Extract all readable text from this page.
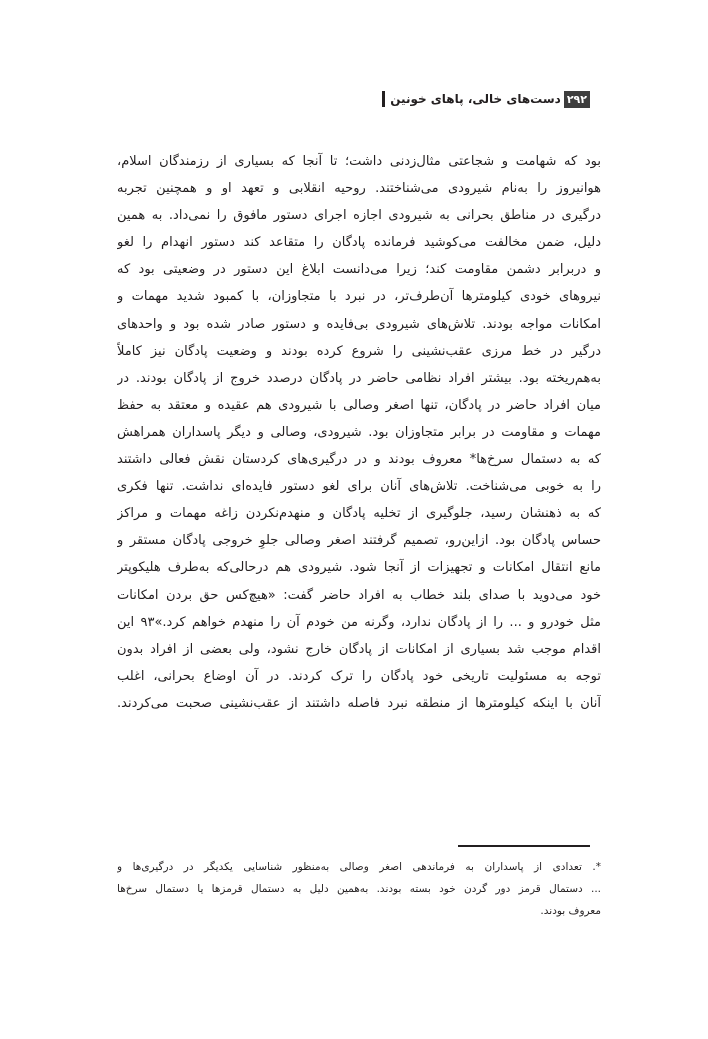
۲۹۲
دست‌های خالی، پاهای خونین
بود که شهامت و شجاعتی مثال‌زدنی داشت؛ تا آنجا که بسیاری از رزمندگان اسلام،
هوانیروز را به‌نام شیرودی می‌شناختند. روحیه انقلابی و تعهد او و همچنین تجربه
درگیری در مناطق بحرانی به شیرودی اجازه اجرای دستور مافوق را نمی‌داد. به همین
دلیل، ضمن مخالفت می‌کوشید فرمانده پادگان را متقاعد کند دستور انهدام را لغو
و دربرابر دشمن مقاومت کند؛ زیرا می‌دانست ابلاغ این دستور در وضعیتی بود که
نیروهای خودی کیلومترها آن‌طرف‌تر، در نبرد با متجاوزان، با کمبود شدید مهمات و
امکانات مواجه بودند. تلاش‌های شیرودی بی‌فایده و دستور صادر شده بود و واحدهای
درگیر در خط مرزی عقب‌نشینی را شروع کرده بودند و وضعیت پادگان نیز کاملاً
به‌هم‌ریخته بود. بیشتر افراد نظامی حاضر در پادگان درصدد خروج از پادگان بودند. در
میان افراد حاضر در پادگان، تنها اصغر وصالی با شیرودی هم عقیده و معتقد به حفظ
مهمات و مقاومت در برابر متجاوزان بود. شیرودی، وصالی و دیگر پاسداران همراهش
که به دستمال سرخ‌ها* معروف بودند و در درگیری‌های کردستان نقش فعالی داشتند
را به خوبی می‌شناخت. تلاش‌های آنان برای لغو دستور فایده‌ای نداشت. تنها فکری
که به ذهنشان رسید، جلوگیری از تخلیه پادگان و منهدم‌نکردن زاغه مهمات و مراکز
حساس پادگان بود. ازاین‌رو، تصمیم گرفتند اصغر وصالی جلوِ خروجی پادگان مستقر و
مانع انتقال امکانات و تجهیزات از آنجا شود. شیرودی هم درحالی‌که به‌طرف هلیکوپتر
خود می‌دوید با صدای بلند خطاب به افراد حاضر گفت: «هیچ‌کس حق بردن امکانات
مثل خودرو و ... را از پادگان ندارد، وگرنه من خودم آن را منهدم خواهم کرد.»۹۳ این
اقدام موجب شد بسیاری از امکانات از پادگان خارج نشود، ولی بعضی از افراد بدون
توجه به مسئولیت تاریخی خود پادگان را ترک کردند. در آن اوضاع بحرانی، اغلب
آنان با اینکه کیلومترها از منطقه نبرد فاصله داشتند از عقب‌نشینی صحبت می‌کردند.
*. تعدادی از پاسداران به فرماندهی اصغر وصالی به‌منظور شناسایی یکدیگر در درگیری‌ها و
... دستمال قرمز دور گردن خود بسته بودند. به‌همین دلیل به دستمال قرمزها یا دستمال سرخ‌ها
معروف بودند.
